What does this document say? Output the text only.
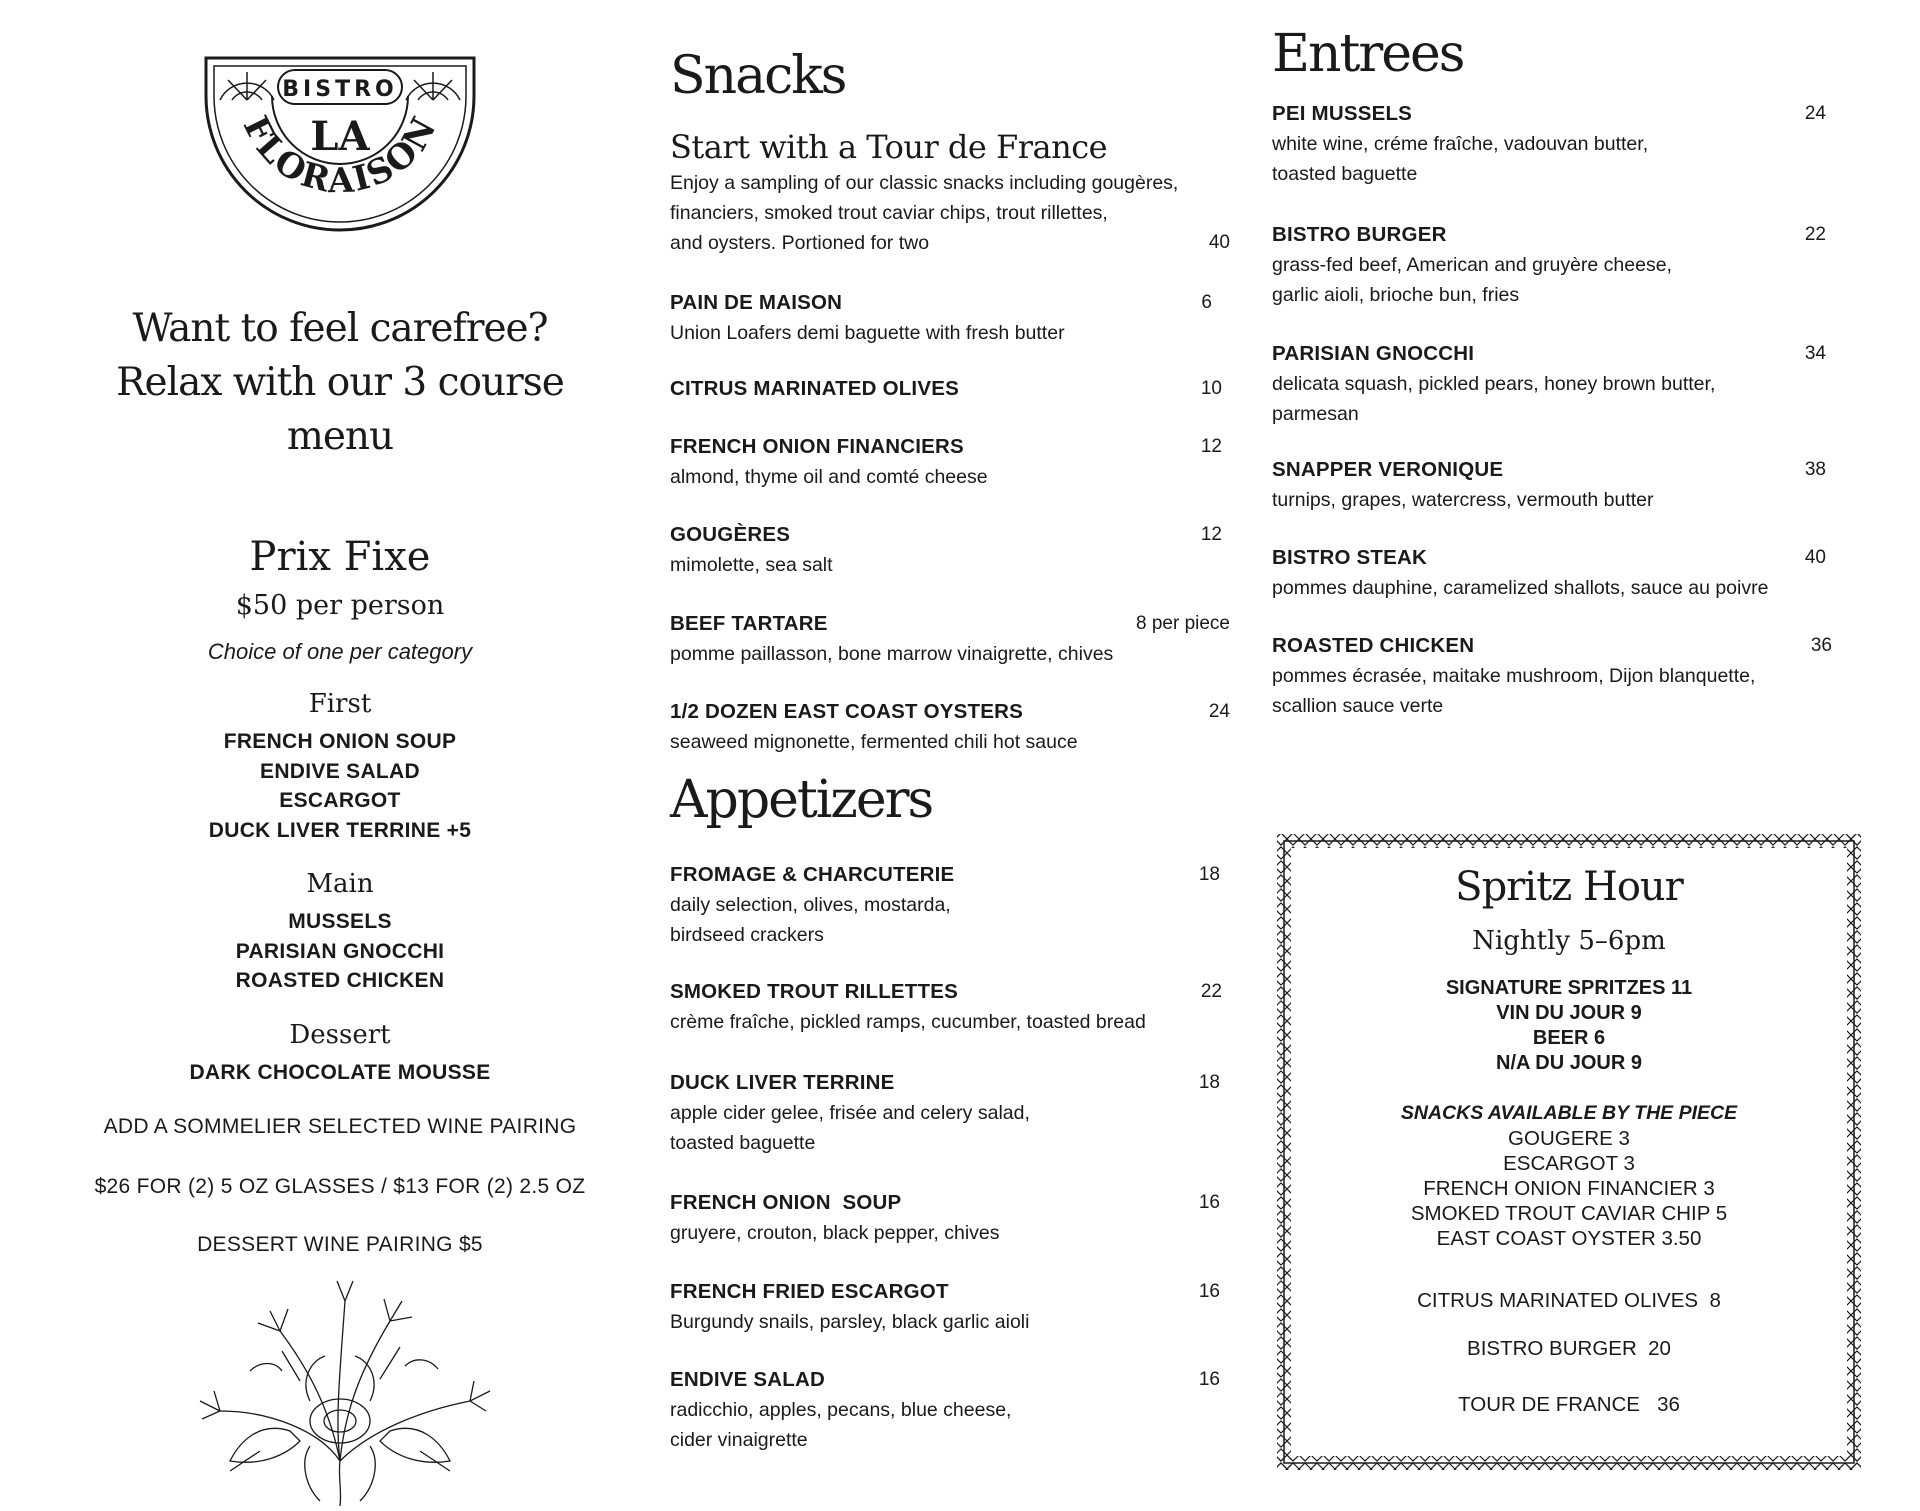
BISTRO
LA
FLORAISON
Want to feel carefree?
Relax with our 3 course menu
Prix Fixe
$50 per person
Choice of one per category
First
FRENCH ONION SOUP
ENDIVE SALAD
ESCARGOT
DUCK LIVER TERRINE +5
Main
MUSSELS
PARISIAN GNOCCHI
ROASTED CHICKEN
Dessert
DARK CHOCOLATE MOUSSE
ADD A SOMMELIER SELECTED WINE PAIRING
$26 FOR (2) 5 OZ GLASSES / $13 FOR (2) 2.5 OZ
DESSERT WINE PAIRING $5
Snacks
Start with a Tour de France
Enjoy a sampling of our classic snacks including gougères,
financiers, smoked trout caviar chips, trout rillettes,
and oysters. Portioned for two	40
PAIN DE MAISON
Union Loafers demi baguette with fresh butter
6
CITRUS MARINATED OLIVES	10
FRENCH ONION FINANCIERS
almond, thyme oil and comté cheese
12
GOUGÈRES
mimolette, sea salt
12
BEEF TARTARE
pomme paillasson, bone marrow vinaigrette, chives
8 per piece
1/2 DOZEN EAST COAST OYSTERS
seaweed mignonette, fermented chili hot sauce
24
Appetizers
FROMAGE & CHARCUTERIE
daily selection, olives, mostarda,
birdseed crackers
18
SMOKED TROUT RILLETTES
crème fraîche, pickled ramps, cucumber, toasted bread
22
DUCK LIVER TERRINE
apple cider gelee, frisée and celery salad,
toasted baguette
18
FRENCH ONION  SOUP
gruyere, crouton, black pepper, chives
16
FRENCH FRIED ESCARGOT
Burgundy snails, parsley, black garlic aioli
16
ENDIVE SALAD
radicchio, apples, pecans, blue cheese,
cider vinaigrette
16
Entrees
PEI MUSSELS
white wine, créme fraîche, vadouvan butter,
toasted baguette
24
BISTRO BURGER
grass-fed beef, American and gruyère cheese,
garlic aioli, brioche bun, fries
22
PARISIAN GNOCCHI
delicata squash, pickled pears, honey brown butter,
parmesan
34
SNAPPER VERONIQUE
turnips, grapes, watercress, vermouth butter
38
BISTRO STEAK
pommes dauphine, caramelized shallots, sauce au poivre
40
ROASTED CHICKEN
pommes écrasée, maitake mushroom, Dijon blanquette,
scallion sauce verte
36
Spritz Hour
Nightly 5–6pm
SIGNATURE SPRITZES 11
VIN DU JOUR 9
BEER 6
N/A DU JOUR 9
SNACKS AVAILABLE BY THE PIECE
GOUGERE 3
ESCARGOT 3
FRENCH ONION FINANCIER 3
SMOKED TROUT CAVIAR CHIP 5
EAST COAST OYSTER 3.50
CITRUS MARINATED OLIVES  8
BISTRO BURGER  20
TOUR DE FRANCE   36
